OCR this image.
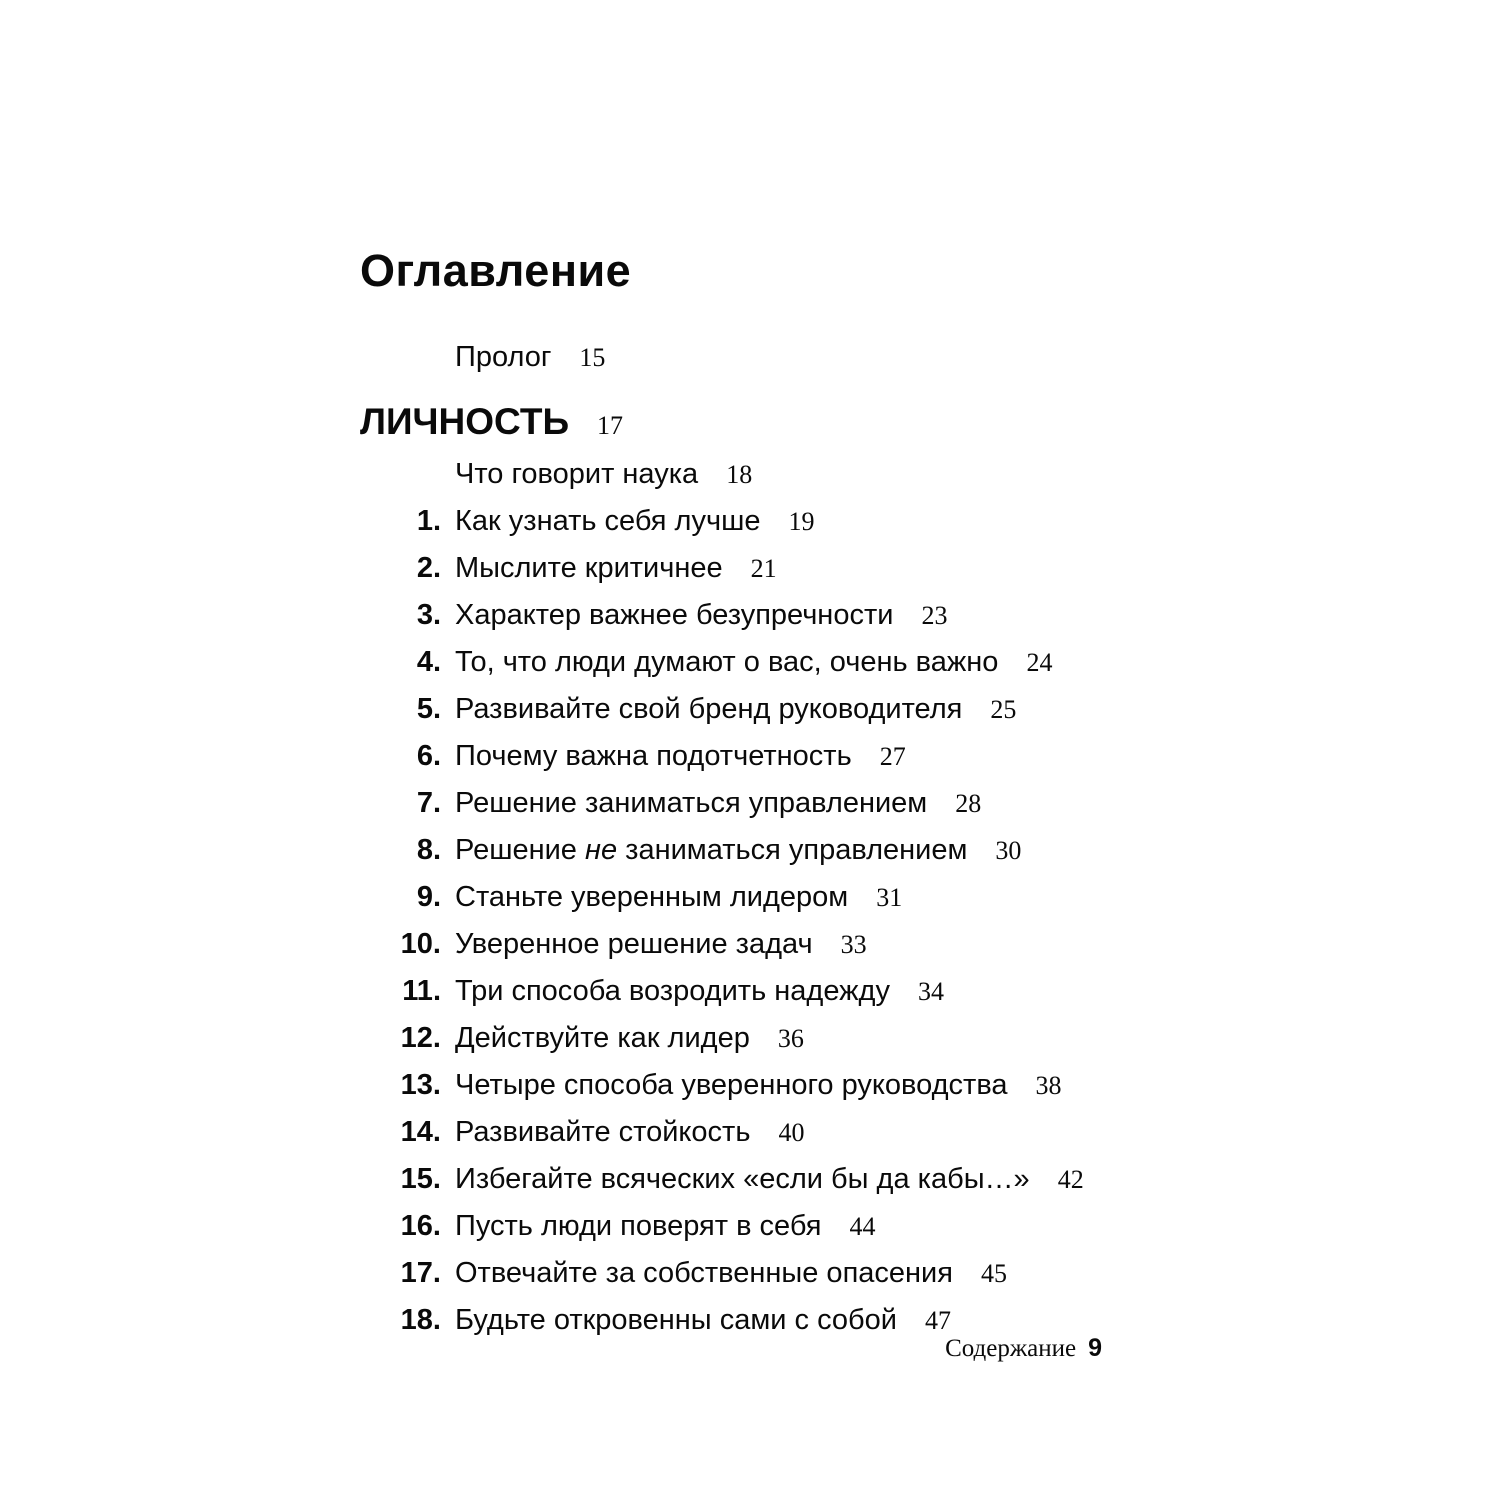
Оглавление
Пролог 15
ЛИЧНОСТЬ 17
Что говорит наука 18
1. Как узнать себя лучше 19
2. Мыслите критичнее 21
3. Характер важнее безупречности 23
4. То, что люди думают о вас, очень важно 24
5. Развивайте свой бренд руководителя 25
6. Почему важна подотчетность 27
7. Решение заниматься управлением 28
8. Решение не заниматься управлением 30
9. Станьте уверенным лидером 31
10. Уверенное решение задач 33
11. Три способа возродить надежду 34
12. Действуйте как лидер 36
13. Четыре способа уверенного руководства 38
14. Развивайте стойкость 40
15. Избегайте всяческих «если бы да кабы…» 42
16. Пусть люди поверят в себя 44
17. Отвечайте за собственные опасения 45
18. Будьте откровенны сами с собой 47
Содержание 9
